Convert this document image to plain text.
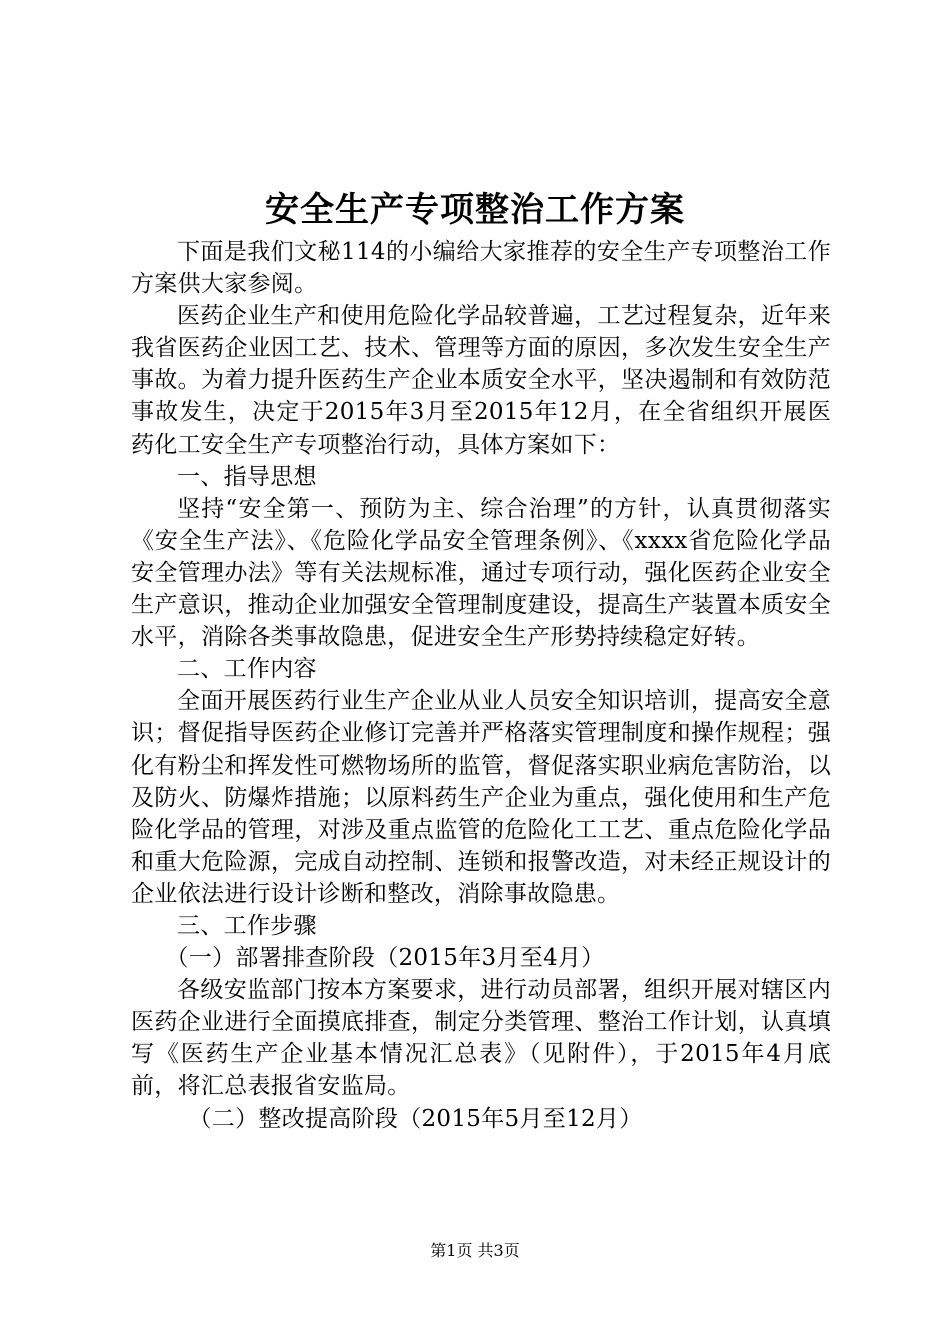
安全生产专项整治工作方案

下面是我们文秘114的小编给大家推荐的安全生产专项整治工作方案供大家参阅。

医药企业生产和使用危险化学品较普遍，工艺过程复杂，近年来我省医药企业因工艺、技术、管理等方面的原因，多次发生安全生产事故。为着力提升医药生产企业本质安全水平，坚决遏制和有效防范事故发生，决定于2015年3月至2015年12月，在全省组织开展医药化工安全生产专项整治行动，具体方案如下：

一、指导思想

坚持“安全第一、预防为主、综合治理”的方针，认真贯彻落实《安全生产法》、《危险化学品安全管理条例》、《xxxx省危险化学品安全管理办法》等有关法规标准，通过专项行动，强化医药企业安全生产意识，推动企业加强安全管理制度建设，提高生产装置本质安全水平，消除各类事故隐患，促进安全生产形势持续稳定好转。

二、工作内容

全面开展医药行业生产企业从业人员安全知识培训，提高安全意识；督促指导医药企业修订完善并严格落实管理制度和操作规程；强化有粉尘和挥发性可燃物场所的监管，督促落实职业病危害防治，以及防火、防爆炸措施；以原料药生产企业为重点，强化使用和生产危险化学品的管理，对涉及重点监管的危险化工工艺、重点危险化学品和重大危险源，完成自动控制、连锁和报警改造，对未经正规设计的企业依法进行设计诊断和整改，消除事故隐患。

三、工作步骤

（一）部署排查阶段（2015年3月至4月）

各级安监部门按本方案要求，进行动员部署，组织开展对辖区内医药企业进行全面摸底排查，制定分类管理、整治工作计划，认真填写《医药生产企业基本情况汇总表》（见附件），于2015年4月底前，将汇总表报省安监局。

（二）整改提高阶段（2015年5月至12月）

第1页 共3页
